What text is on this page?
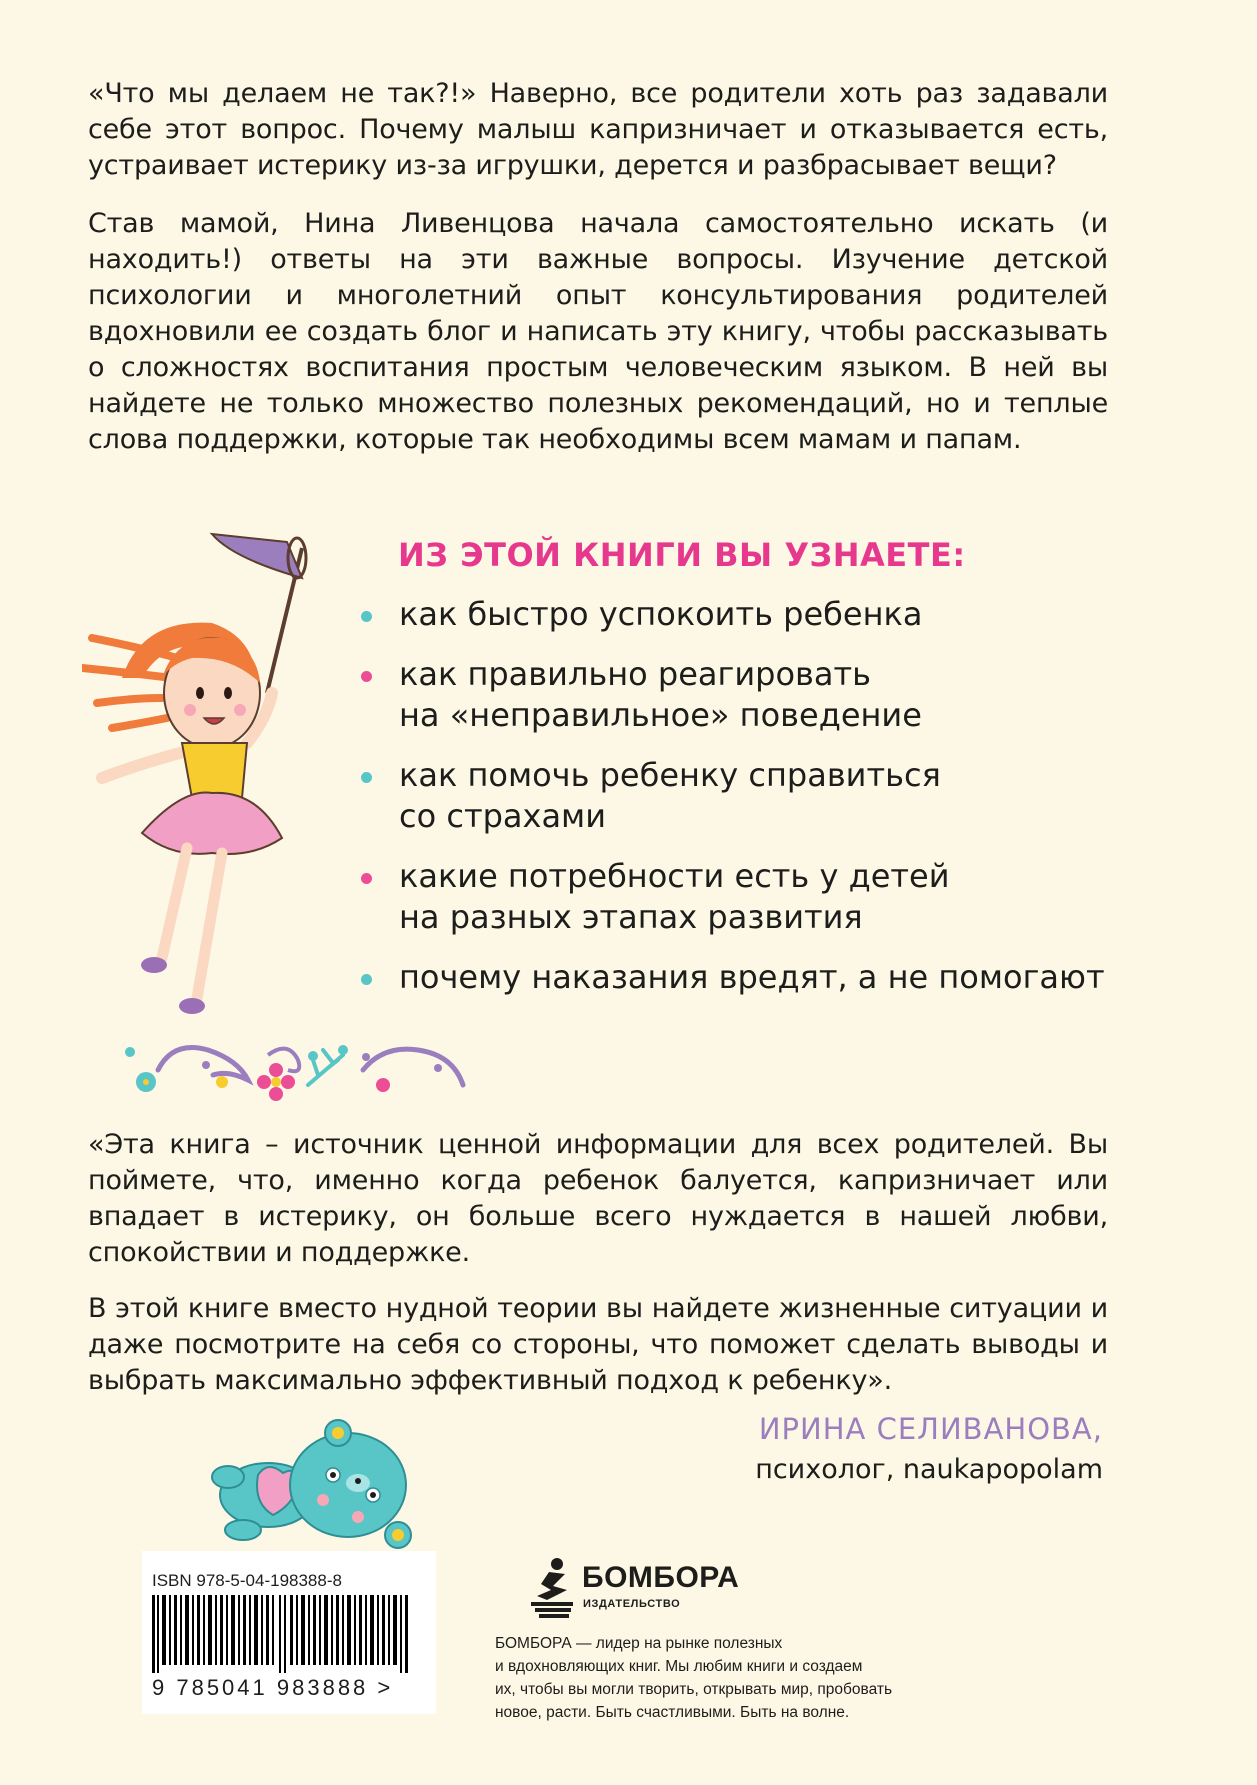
«Что мы делаем не так?!» Наверно, все родители хоть раз задавали себе этот вопрос. Почему малыш капризничает и отказывается есть, устраивает истерику из-за игрушки, дерется и разбрасывает вещи?

Став мамой, Нина Ливенцова начала самостоятельно искать (и находить!) ответы на эти важные вопросы. Изучение детской психологии и многолетний опыт консультирования родителей вдохновили ее создать блог и написать эту книгу, чтобы рассказывать о сложностях воспитания простым человеческим языком. В ней вы найдете не только множество полезных рекомендаций, но и теплые слова поддержки, которые так необходимы всем мамам и папам.

ИЗ ЭТОЙ КНИГИ ВЫ УЗНАЕТЕ:
как быстро успокоить ребенка
как правильно реагировать
на «неправильное» поведение
как помочь ребенку справиться
со страхами
какие потребности есть у детей
на разных этапах развития
почему наказания вредят, а не помогают

«Эта книга – источник ценной информации для всех родителей. Вы поймете, что, именно когда ребенок балуется, капризничает или впадает в истерику, он больше всего нуждается в нашей любви, спокойствии и поддержке.

В этой книге вместо нудной теории вы найдете жизненные ситуации и даже посмотрите на себя со стороны, что поможет сделать выводы и выбрать максимально эффективный подход к ребенку».

ИРИНА СЕЛИВАНОВА,

психолог, naukapopolam

ISBN 978-5-04-198388-8

9 785041 983888 >

БОМБОРА

ИЗДАТЕЛЬСТВО

БОМБОРА — лидер на рынке полезных
и вдохновляющих книг. Мы любим книги и создаем
их, чтобы вы могли творить, открывать мир, пробовать
новое, расти. Быть счастливыми. Быть на волне.
